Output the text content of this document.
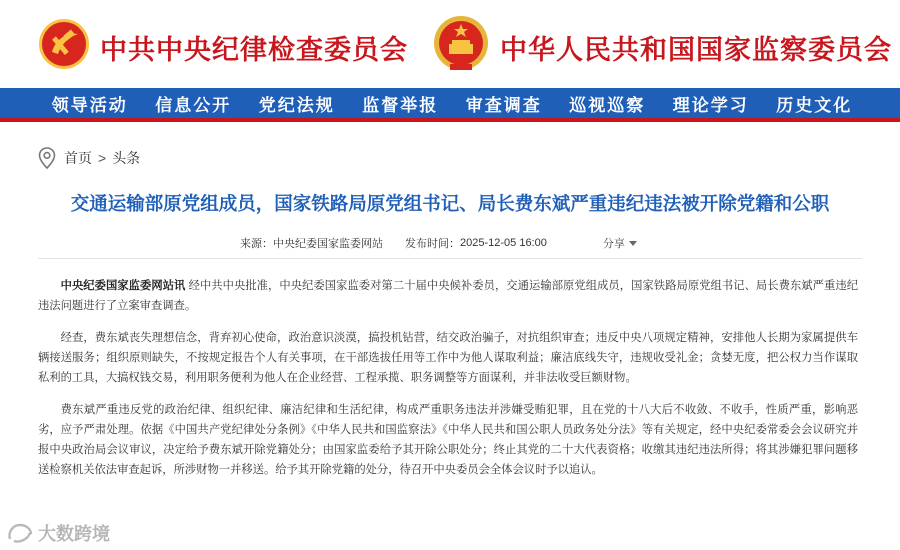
中共中央纪律检查委员会	中华人民共和国国家监察委员会
领导活动 信息公开 党纪法规 监督举报 审查调查 巡视巡察 理论学习 历史文化
首页 > 头条
交通运输部原党组成员，国家铁路局原党组书记、局长费东斌严重违纪违法被开除党籍和公职
来源： 中央纪委国家监委网站 发布时间： 2025-12-05 16:00	分享

中央纪委国家监委网站讯 经中共中央批准，中央纪委国家监委对第二十届中央候补委员，交通运输部原党组成员，国家铁路局原党组书记、局长费东斌严重违纪违法问题进行了立案审查调查。

经查，费东斌丧失理想信念，背弃初心使命，政治意识淡漠，搞投机钻营，结交政治骗子，对抗组织审查；违反中央八项规定精神，安排他人长期为家属提供车辆接送服务；组织原则缺失，不按规定报告个人有关事项，在干部选拔任用等工作中为他人谋取利益；廉洁底线失守，违规收受礼金；贪婪无度，把公权力当作谋取私利的工具，大搞权钱交易，利用职务便利为他人在企业经营、工程承揽、职务调整等方面谋利，并非法收受巨额财物。

费东斌严重违反党的政治纪律、组织纪律、廉洁纪律和生活纪律，构成严重职务违法并涉嫌受贿犯罪，且在党的十八大后不收敛、不收手，性质严重，影响恶劣，应予严肃处理。依据《中国共产党纪律处分条例》《中华人民共和国监察法》《中华人民共和国公职人员政务处分法》等有关规定，经中央纪委常委会会议研究并报中央政治局会议审议，决定给予费东斌开除党籍处分；由国家监委给予其开除公职处分；终止其党的二十大代表资格；收缴其违纪违法所得；将其涉嫌犯罪问题移送检察机关依法审查起诉，所涉财物一并移送。给予其开除党籍的处分，待召开中央委员会全体会议时予以追认。

大数跨境
